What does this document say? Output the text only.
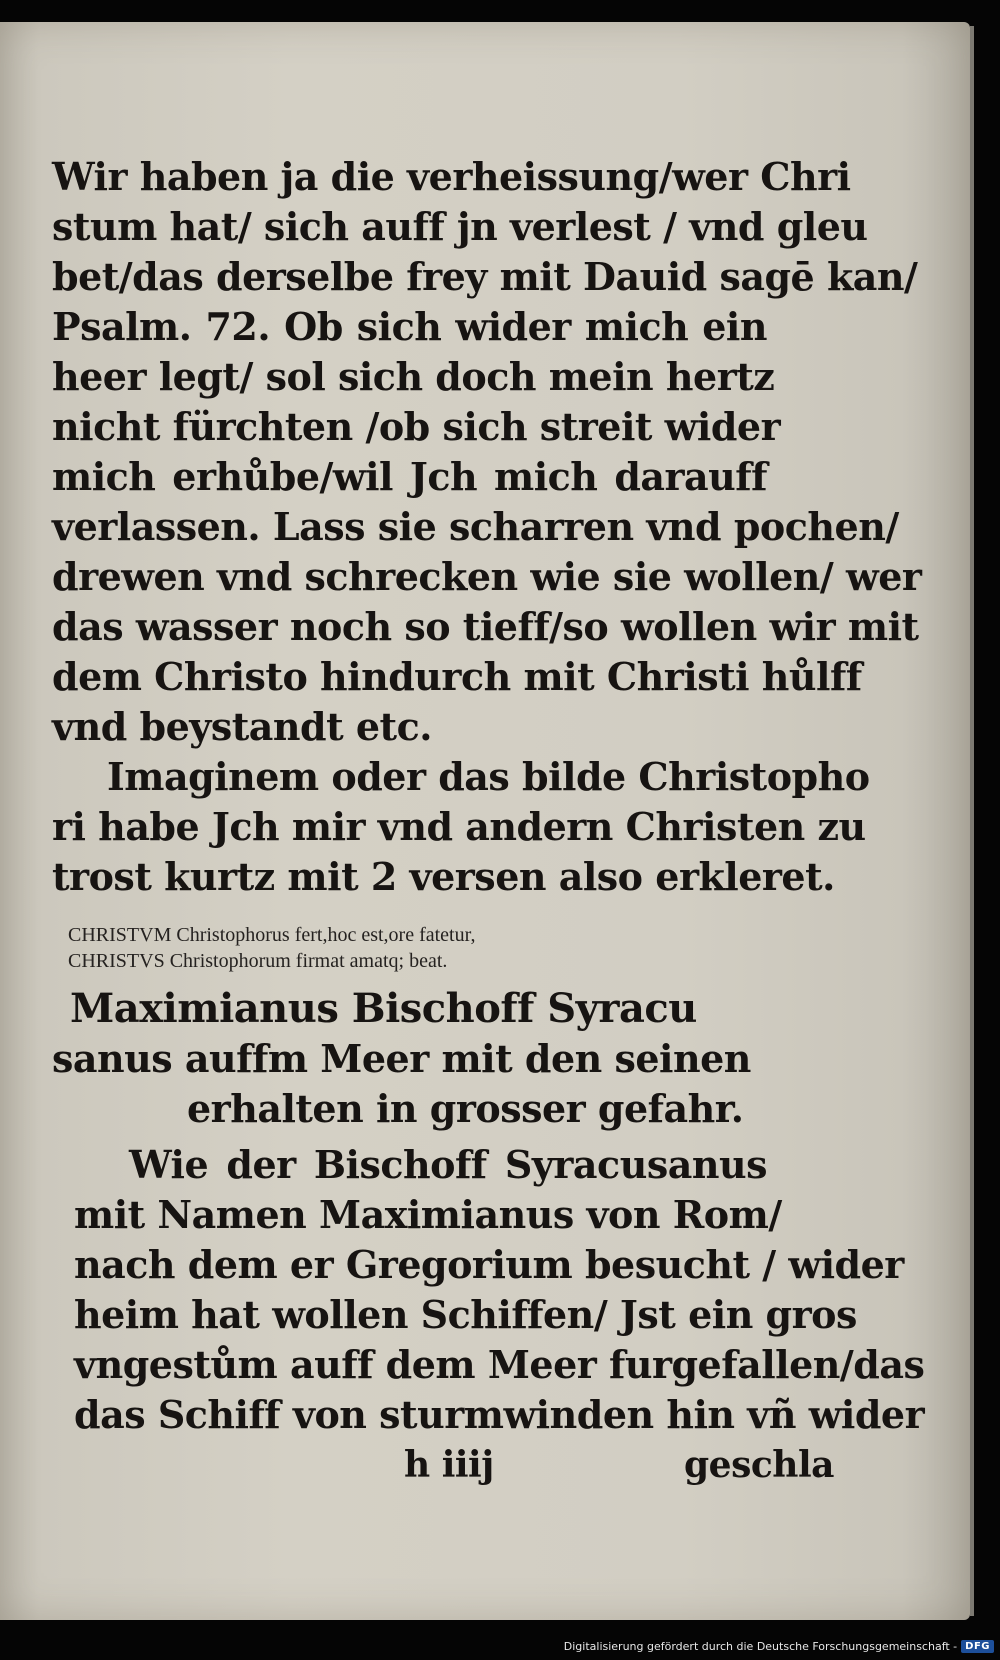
Wir haben ja die verheissung/wer Chri
stum hat/ sich auff jn verlest / vnd gleu
bet/das derselbe frey mit Dauid sagē kan/
Psalm. 72. Ob sich wider mich ein
heer legt/ sol sich doch mein hertz
nicht fürchten /ob sich streit wider
mich erhůbe/wil Jch mich darauff
verlassen. Lass sie scharren vnd pochen/
drewen vnd schrecken wie sie wollen/ wer
das wasser noch so tieff/so wollen wir mit
dem Christo hindurch mit Christi hůlff
vnd beystandt etc.
Imaginem oder das bilde Christopho
ri habe Jch mir vnd andern Christen zu
trost kurtz mit 2 versen also erkleret.
CHRISTVM Christophorus fert,hoc est,ore fatetur,
CHRISTVS Christophorum firmat amatq; beat.
Maximianus Bischoff Syracu
sanus auffm Meer mit den seinen
erhalten in grosser gefahr.
Wie der Bischoff Syracusanus
mit Namen Maximianus von Rom/
nach dem er Gregorium besucht / wider
heim hat wollen Schiffen/ Jst ein gros
vngestům auff dem Meer furgefallen/das
das Schiff von sturmwinden hin vñ wider
h iiij	geschla
Digitalisierung gefördert durch die Deutsche Forschungsgemeinschaft - DFG
